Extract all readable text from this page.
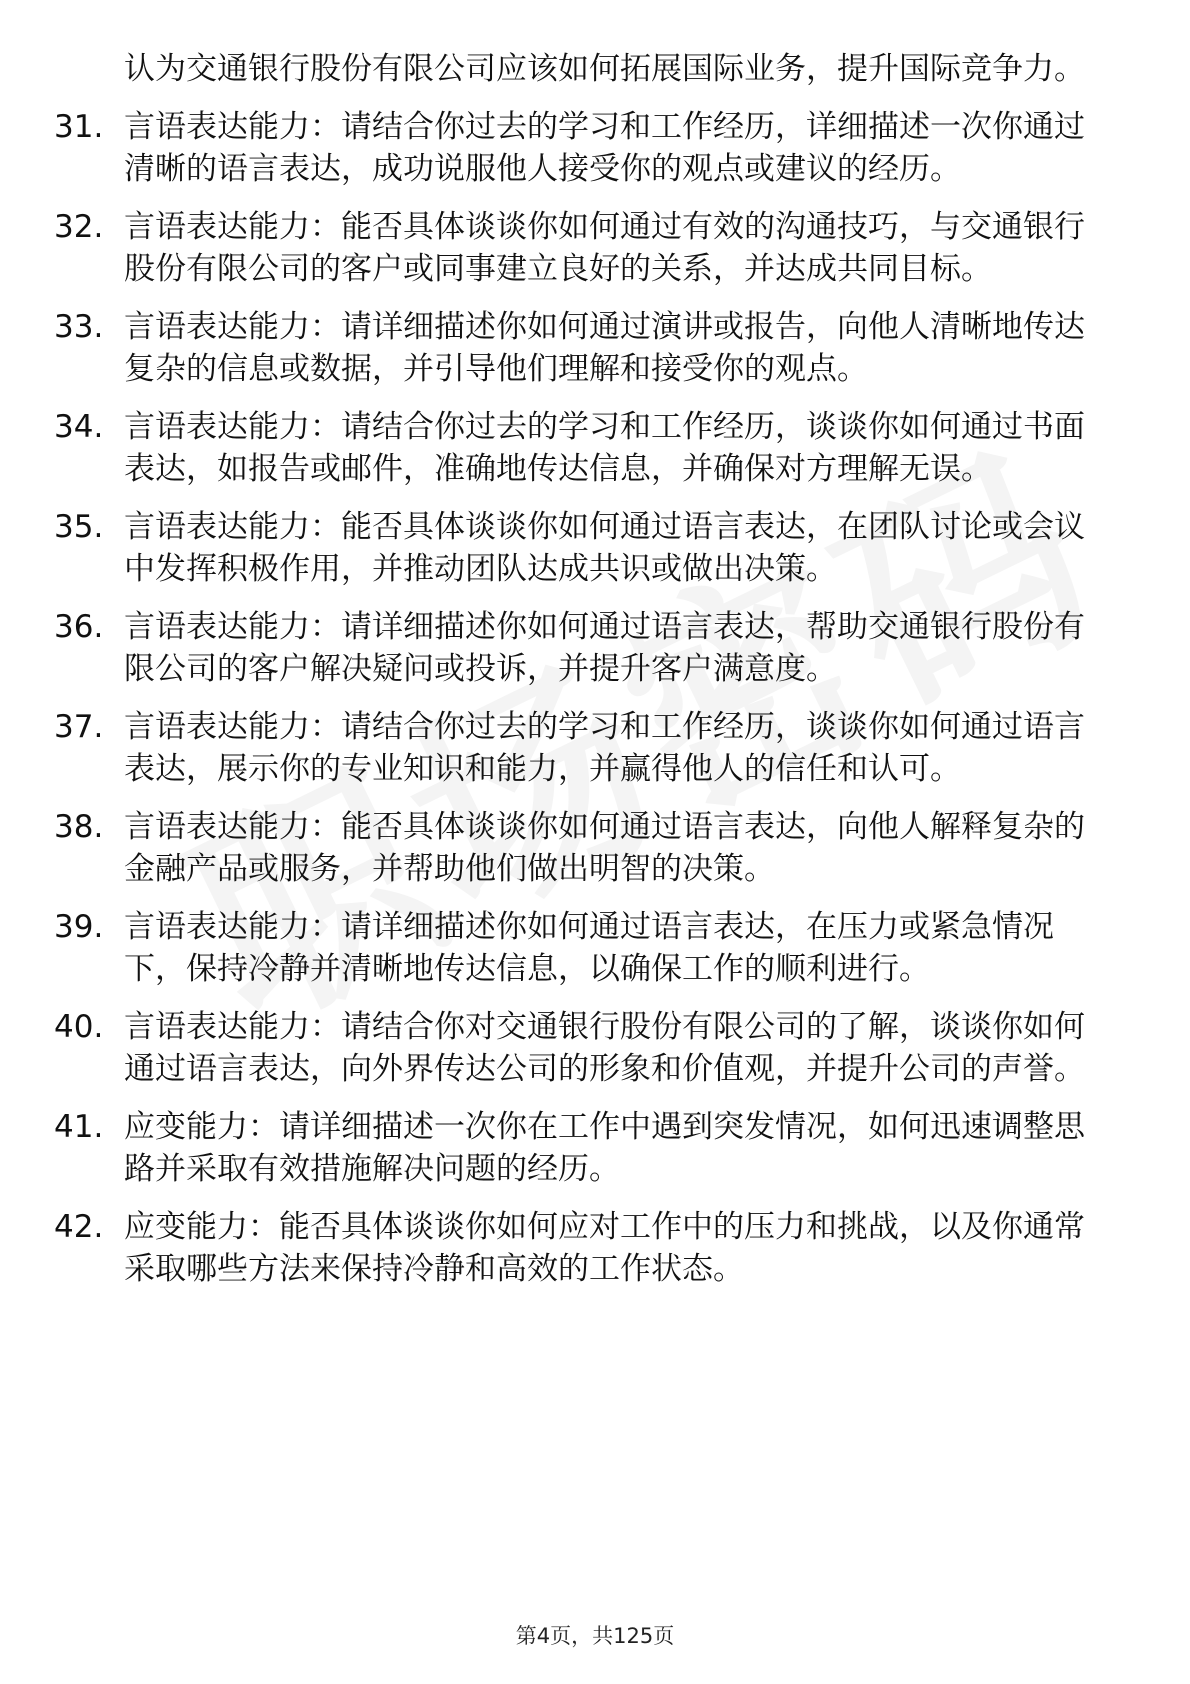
认为交通银行股份有限公司应该如何拓展国际业务，提升国际竞争力。
31. 言语表达能力：请结合你过去的学习和工作经历，详细描述一次你通过清晰的语言表达，成功说服他人接受你的观点或建议的经历。
32. 言语表达能力：能否具体谈谈你如何通过有效的沟通技巧，与交通银行股份有限公司的客户或同事建立良好的关系，并达成共同目标。
33. 言语表达能力：请详细描述你如何通过演讲或报告，向他人清晰地传达复杂的信息或数据，并引导他们理解和接受你的观点。
34. 言语表达能力：请结合你过去的学习和工作经历，谈谈你如何通过书面表达，如报告或邮件，准确地传达信息，并确保对方理解无误。
35. 言语表达能力：能否具体谈谈你如何通过语言表达，在团队讨论或会议中发挥积极作用，并推动团队达成共识或做出决策。
36. 言语表达能力：请详细描述你如何通过语言表达，帮助交通银行股份有限公司的客户解决疑问或投诉，并提升客户满意度。
37. 言语表达能力：请结合你过去的学习和工作经历，谈谈你如何通过语言表达，展示你的专业知识和能力，并赢得他人的信任和认可。
38. 言语表达能力：能否具体谈谈你如何通过语言表达，向他人解释复杂的金融产品或服务，并帮助他们做出明智的决策。
39. 言语表达能力：请详细描述你如何通过语言表达，在压力或紧急情况下，保持冷静并清晰地传达信息，以确保工作的顺利进行。
40. 言语表达能力：请结合你对交通银行股份有限公司的了解，谈谈你如何通过语言表达，向外界传达公司的形象和价值观，并提升公司的声誉。
41. 应变能力：请详细描述一次你在工作中遇到突发情况，如何迅速调整思路并采取有效措施解决问题的经历。
42. 应变能力：能否具体谈谈你如何应对工作中的压力和挑战，以及你通常采取哪些方法来保持冷静和高效的工作状态。
第4页，共125页
